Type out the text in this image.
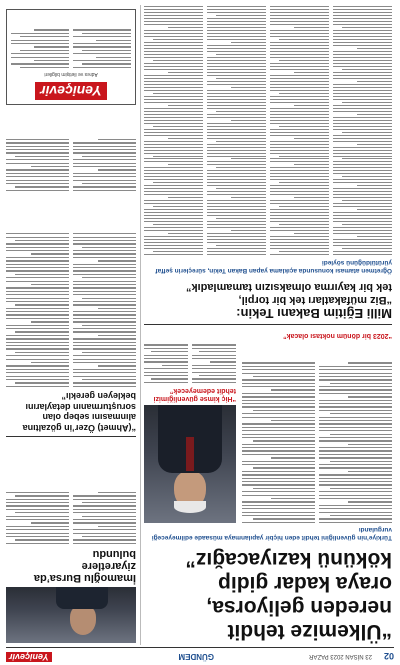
02
23 NİSAN 2023 PAZAR
GÜNDEM
Yeniçevir
“Ülkemize tehdit
nereden geliyorsa,
oraya kadar gidip
kökünü kazıyacağız”
Türkiye’nin güvenliğini tehdit eden hiçbir yapılanmaya müsaade edilmeyeceği vurgulandı
İmamoğlu Bursa’da
ziyaretlere
bulundu
“Hiç kimse güvenliğimizi tehdit edemeyecek”
“2023 bir dönüm noktası olacak”
“(Ahmet) Özer’in gözaltına
alınmasını sebep olan
soruşturmanın detaylarını
bekleyen gereklı”
Milli Eğitim Bakanı Tekin:
“Biz müfakatları tek bir torpil,
tek bir kayırma olmaksızın tamamladık”
Öğretmen ataması konusunda açıklama yapan Bakan Tekin, süreçlerin şeffaf yürütüldüğünü söyledi
Yeniçevir
Adres ve iletişim bilgileri
